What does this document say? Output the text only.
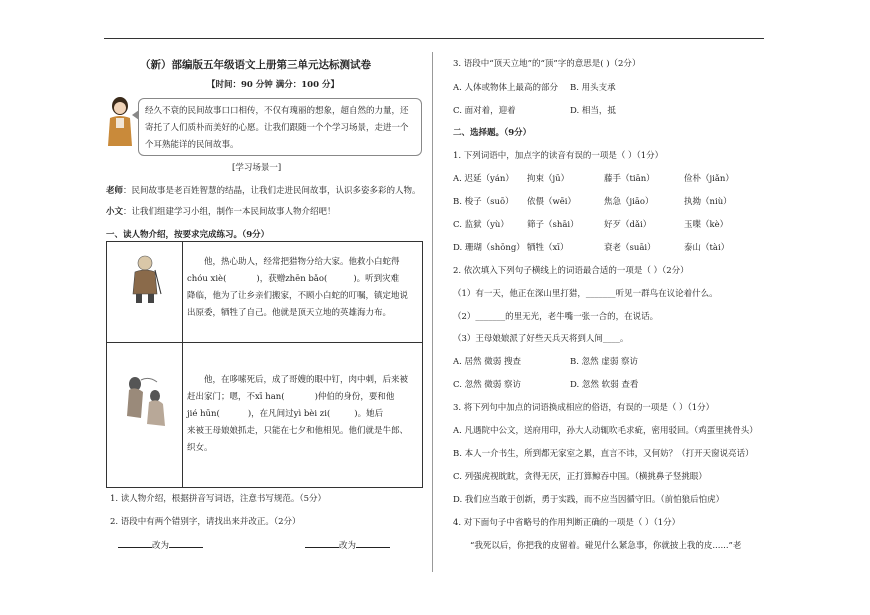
（新）部编版五年级语文上册第三单元达标测试卷
【时间：90 分钟 满分：100 分】

经久不衰的民间故事口口相传，不仅有瑰丽的想象，超自然的力量，还寄托了人们质朴而美好的心愿。让我们跟随一个个学习场景，走进一个个耳熟能详的民间故事。

[学习场景一]
老师：民间故事是老百姓智慧的结晶，让我们走进民间故事，认识多姿多彩的人物。
小文：让我们组建学习小组，制作一本民间故事人物介绍吧！
一、读人物介绍，按要求完成练习。（9分）
他，热心助人，经常把猎物分给大家。他救小白蛇得
chóu xiè(	)，获赠zhēn bǎo(	)。听到灾难
降临，他为了让乡亲们搬家，不顾小白蛇的叮嘱，镇定地说
出原委，牺牲了自己。他就是顶天立地的英雄海力布。
他，在哆嗦死后，成了哥嫂的眼中钉，肉中刺，后来被
赶出家门；嗯，不xī han(	)仲伯的身份，要和他
jié hūn(	)，在凡间过yì bèi zi(	)。她后
来被王母娘娘抓走，只能在七夕和他相见。他们就是牛郎、
织女。
1. 读人物介绍，根据拼音写词语，注意书写规范。（5分）
2. 语段中有两个错别字，请找出来并改正。（2分）
改为	改为
3. 语段中“顶天立地”的“顶”字的意思是( )（2分）
A. 人体或物体上最高的部分 B. 用头支承
C. 面对着，迎着	D. 相当，抵
二、选择题。（9分）
1. 下列词语中，加点字的读音有误的一项是（ ）（1分）
A. 迟延（yán） 拘束（jū）	藤手（tiān）	俭朴（jiǎn）
B. 梭子（suō） 依偎（wēi）	焦急（jiāo）	执拗（niù）
C. 监狱（yù） 筛子（shāi）	好歹（dǎi）	玉喋（kè）
D. 珊瑚（shōng） 牺牲（xī）	衰老（suāi）	泰山（tài）
2. 依次填入下列句子横线上的词语最合适的一项是（ ）（2分）
（1）有一天，他正在深山里打猎，_______听见一群鸟在议论着什么。
（2）_______的里无光，老牛嘴一张一合的，在说话。
（3）王母娘娘派了好些天兵天将到人间____。
A. 居然 微弱 搜查	B. 忽然 虚弱 察访
C. 忽然 微弱 察访	D. 忽然 软弱 查看
3. 将下列句中加点的词语换成相应的俗语，有误的一项是（ ）（1分）
A. 凡遇院中公文，送府用印，孙大人动辄吹毛求疵，密用驳回。（鸡蛋里挑骨头）
B. 本人一介书生，所到都无家室之累，直言不讳，又何妨？（打开天窗说亮话）
C. 列强虎视眈眈，贪得无厌，正打算鲸吞中国。（横挑鼻子竖挑眼）
D. 我们应当敢于创新，勇于实践，而不应当因循守旧。（前怕狼后怕虎）
4. 对下面句子中省略号的作用判断正确的一项是（ ）（1分）
“我死以后，你把我的皮留着。碰见什么紧急事，你就披上我的皮......”老
